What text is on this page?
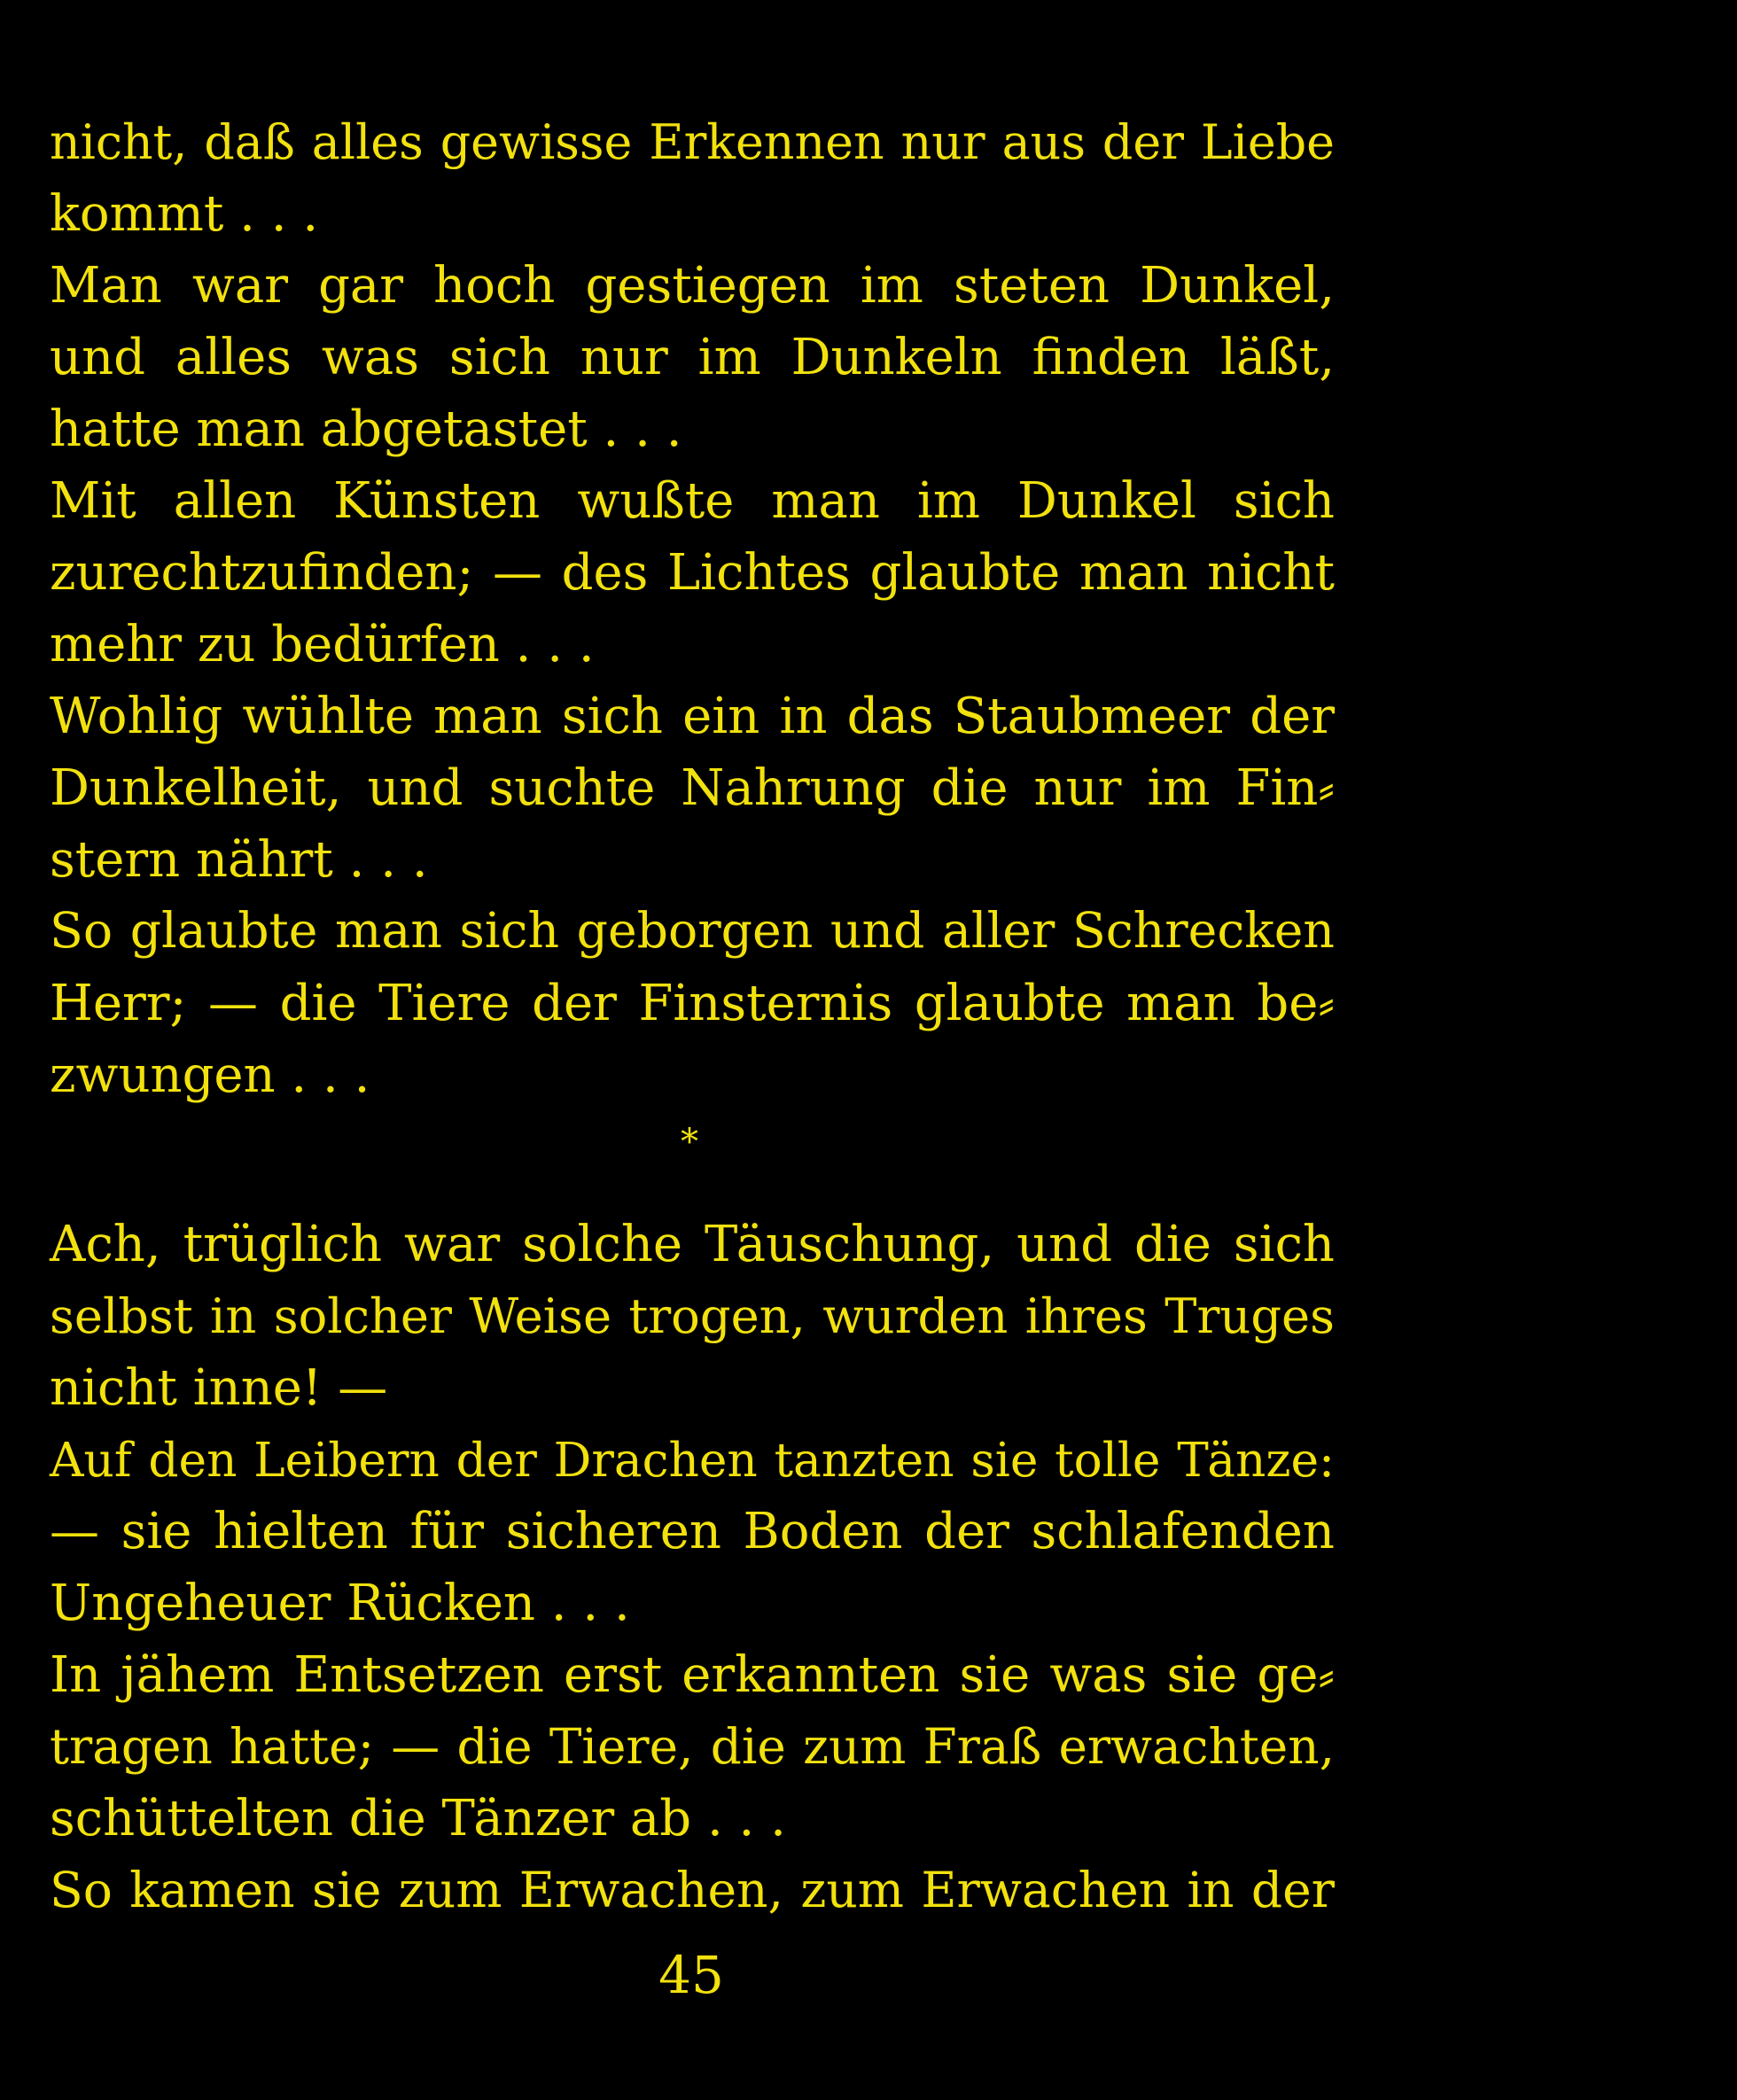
nicht, daß alles gewisse Erkennen nur aus der Liebe
kommt . . .
Man war gar hoch gestiegen im steten Dunkel,
und alles was sich nur im Dunkeln finden läßt,
hatte man abgetastet . . .
Mit allen Künsten wußte man im Dunkel sich
zurechtzufinden; — des Lichtes glaubte man nicht
mehr zu bedürfen . . .
Wohlig wühlte man sich ein in das Staubmeer der
Dunkelheit, und suchte Nahrung die nur im Fin⸗
stern nährt . . .
So glaubte man sich geborgen und aller Schrecken
Herr; — die Tiere der Finsternis glaubte man be⸗
zwungen . . .
*
Ach, trüglich war solche Täuschung, und die sich
selbst in solcher Weise trogen, wurden ihres Truges
nicht inne! —
Auf den Leibern der Drachen tanzten sie tolle Tänze:
— sie hielten für sicheren Boden der schlafenden
Ungeheuer Rücken . . .
In jähem Entsetzen erst erkannten sie was sie ge⸗
tragen hatte; — die Tiere, die zum Fraß erwachten,
schüttelten die Tänzer ab . . .
So kamen sie zum Erwachen, zum Erwachen in der
45
